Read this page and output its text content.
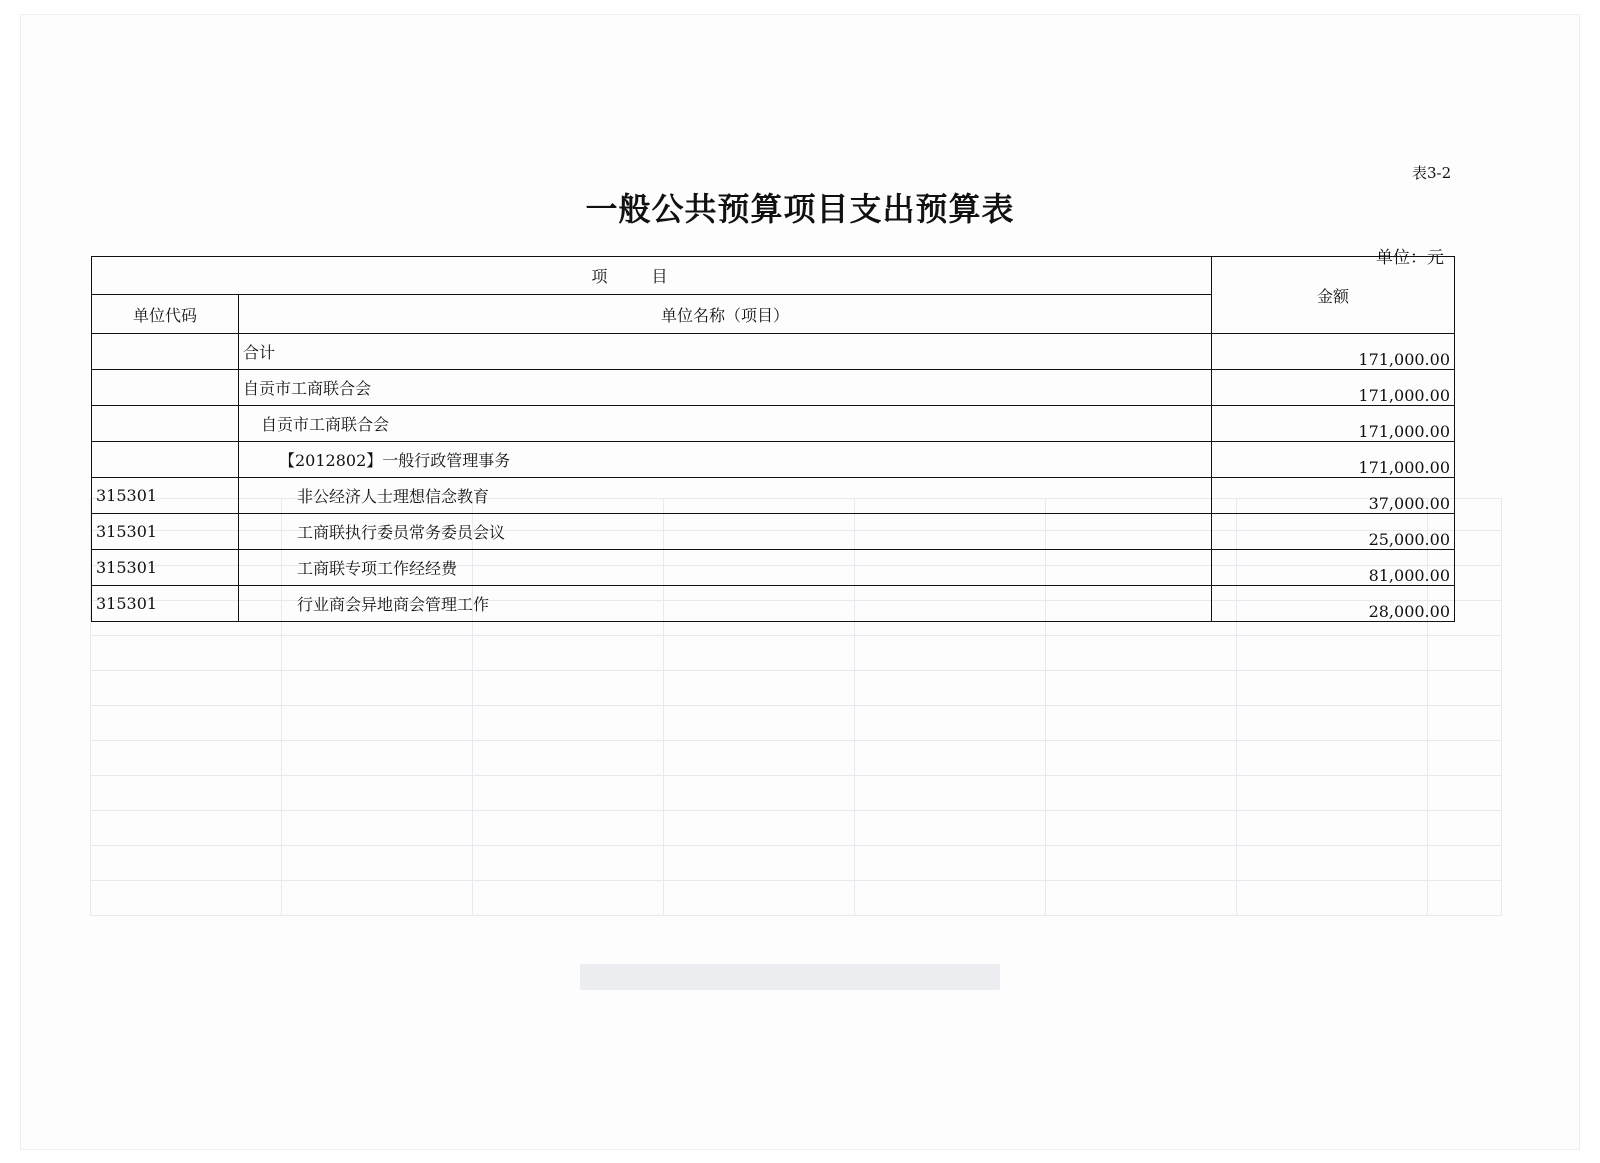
表3-2
一般公共预算项目支出预算表
单位：元
项目		金额
单位代码	单位名称（项目）	
	合计	171,000.00
	自贡市工商联合会	171,000.00
	自贡市工商联合会	171,000.00
	【2012802】一般行政管理事务	171,000.00
315301	非公经济人士理想信念教育	37,000.00
315301	工商联执行委员常务委员会议	25,000.00
315301	工商联专项工作经经费	81,000.00
315301	行业商会异地商会管理工作	28,000.00
